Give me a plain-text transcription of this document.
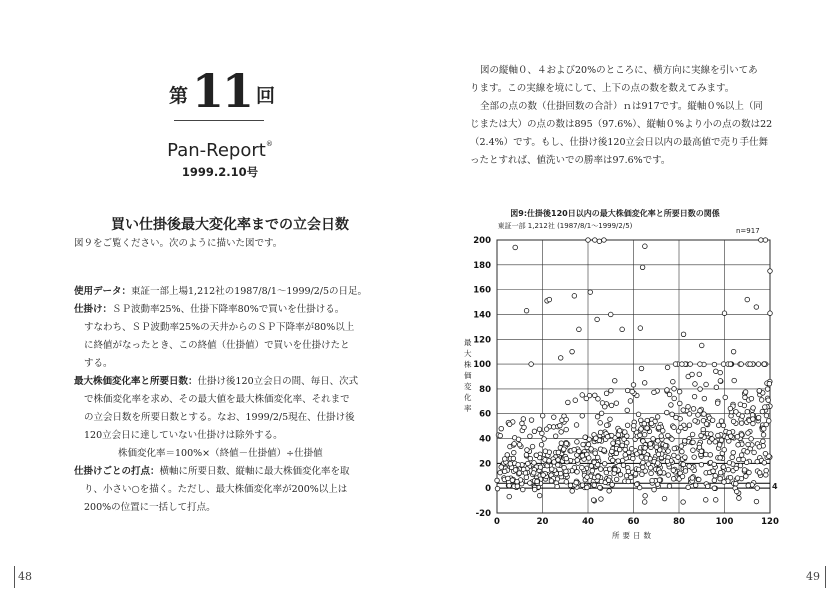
第 11 回
Pan-Report®
1999.2.10号
買い仕掛後最大変化率までの立会日数
図９をご覧ください。次のように描いた図です。
使用データ：東証一部上場1,212社の1987/8/1～1999/2/5の日足。
仕掛け：ＳＰ波動率25%、仕掛下降率80%で買いを仕掛ける。
すなわち、ＳＰ波動率25%の天井からのＳＰ下降率が80%以上
に終値がなったとき、この終値（仕掛値）で買いを仕掛けたと
する。
最大株価変化率と所要日数：仕掛け後120立会日の間、毎日、次式
で株価変化率を求め、その最大値を最大株価変化率、それまで
の立会日数を所要日数とする。なお、1999/2/5現在、仕掛け後
120立会日に達していない仕掛けは除外する。
株価変化率＝100%×（終値－仕掛値）÷仕掛値
仕掛けごとの打点：横軸に所要日数、縦軸に最大株価変化率を取
り、小さい○を描く。ただし、最大株価変化率が200%以上は
200%の位置に一括して打点。
48
図の縦軸０、４および20%のところに、横方向に実線を引いてあ
ります。この実線を境にして、上下の点の数を数えてみます。
全部の点の数（仕掛回数の合計）ｎは917です。縦軸０%以上（同
じまたは大）の点の数は895（97.6%）、縦軸０%より小の点の数は22
（2.4%）です。もし、仕掛け後120立会日以内の最高値で売り手仕舞
ったとすれば、値洗いでの勝率は97.6%です。
図9:仕掛後120日以内の最大株価変化率と所要日数の関係
東証一部 1,212社 (1987/8/1～1999/2/5)
n=917
0	20	40	60	80	100	120
-20
0
20
40
60
80
100
120
140
160
180
200
4
所要日数
最大株価変化率
49
